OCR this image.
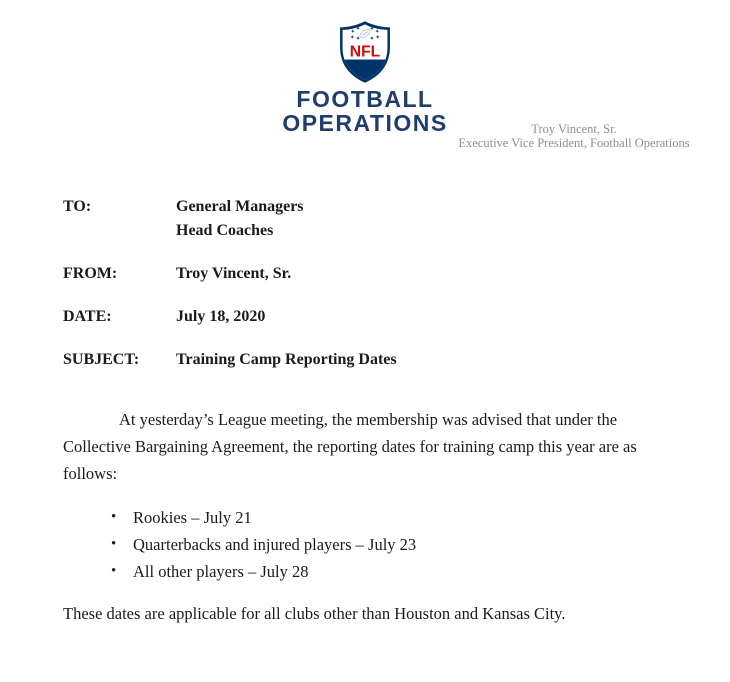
NFL
FOOTBALL
OPERATIONS	Troy Vincent, Sr.
Executive Vice President, Football Operations
TO:	General Managers
Head Coaches
FROM:	Troy Vincent, Sr.
DATE:	July 18, 2020
SUBJECT:	Training Camp Reporting Dates

At yesterday’s League meeting, the membership was advised that under the Collective Bargaining Agreement, the reporting dates for training camp this year are as follows:

• Rookies – July 21
• Quarterbacks and injured players – July 23
• All other players – July 28

These dates are applicable for all clubs other than Houston and Kansas City.
